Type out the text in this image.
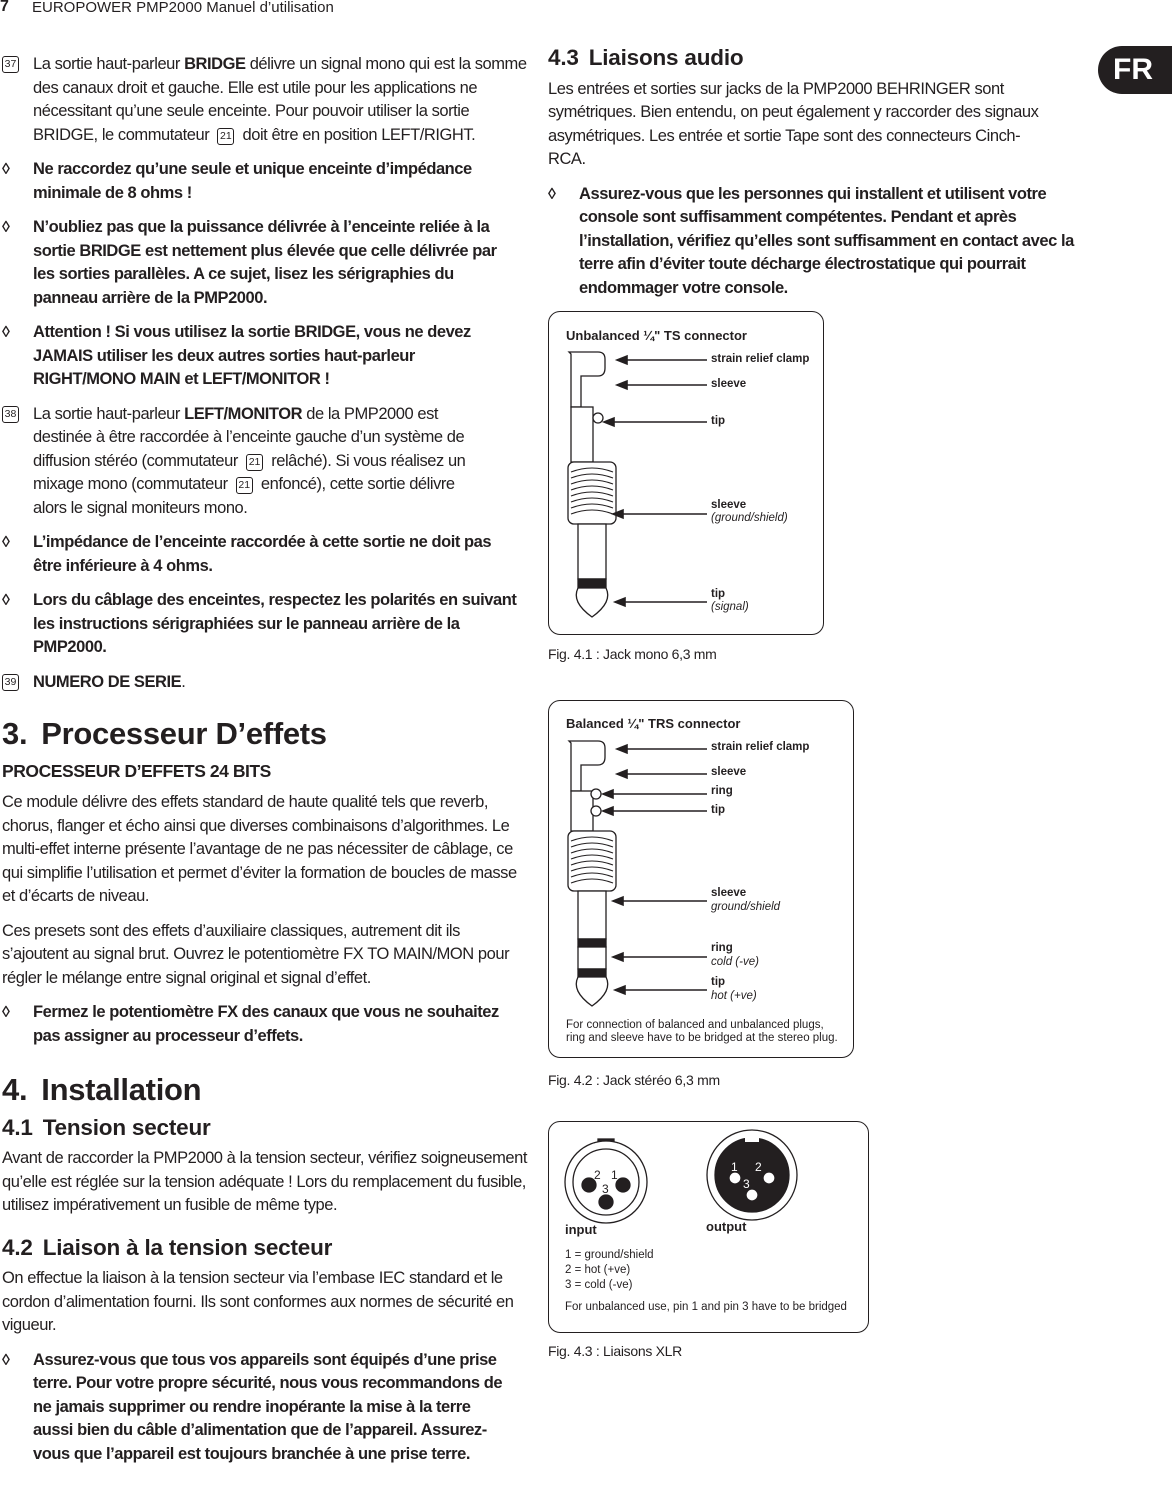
7 EUROPOWER PMP2000 Manuel d’utilisation
FR
37 La sortie haut-parleur BRIDGE délivre un signal mono qui est la somme des canaux droit et gauche. Elle est utile pour les applications ne nécessitant qu’une seule enceinte. Pour pouvoir utiliser la sortie BRIDGE, le commutateur 21 doit être en position LEFT/RIGHT.
◊ Ne raccordez qu’une seule et unique enceinte d’impédance minimale de 8 ohms !
◊ N’oubliez pas que la puissance délivrée à l’enceinte reliée à la sortie BRIDGE est nettement plus élevée que celle délivrée par les sorties parallèles. A ce sujet, lisez les sérigraphies du panneau arrière de la PMP2000.
◊ Attention ! Si vous utilisez la sortie BRIDGE, vous ne devez JAMAIS utiliser les deux autres sorties haut-parleur RIGHT/MONO MAIN et LEFT/MONITOR !
38 La sortie haut-parleur LEFT/MONITOR de la PMP2000 est destinée à être raccordée à l’enceinte gauche d’un système de diffusion stéréo (commutateur 21 relâché). Si vous réalisez un mixage mono (commutateur 21 enfoncé), cette sortie délivre alors le signal moniteurs mono.
◊ L’impédance de l’enceinte raccordée à cette sortie ne doit pas être inférieure à 4 ohms.
◊ Lors du câblage des enceintes, respectez les polarités en suivant les instructions sérigraphiées sur le panneau arrière de la PMP2000.
39 NUMERO DE SERIE.
3. Processeur D’effets
PROCESSEUR D’EFFETS 24 BITS

Ce module délivre des effets standard de haute qualité tels que reverb, chorus, flanger et écho ainsi que diverses combinaisons d’algorithmes. Le multi-effet interne présente l’avantage de ne pas nécessiter de câblage, ce qui simplifie l’utilisation et permet d’éviter la formation de boucles de masse et d’écarts de niveau.

Ces presets sont des effets d’auxiliaire classiques, autrement dit ils s’ajoutent au signal brut. Ouvrez le potentiomètre FX TO MAIN/MON pour régler le mélange entre signal original et signal d’effet.

◊ Fermez le potentiomètre FX des canaux que vous ne souhaitez pas assigner au processeur d’effets.
4. Installation
4.1 Tension secteur

Avant de raccorder la PMP2000 à la tension secteur, vérifiez soigneusement qu’elle est réglée sur la tension adéquate ! Lors du remplacement du fusible, utilisez impérativement un fusible de même type.

4.2 Liaison à la tension secteur

On effectue la liaison à la tension secteur via l’embase IEC standard et le cordon d’alimentation fourni. Ils sont conformes aux normes de sécurité en vigueur.

◊ Assurez-vous que tous vos appareils sont équipés d’une prise terre. Pour votre propre sécurité, nous vous recommandons de ne jamais supprimer ou rendre inopérante la mise à la terre aussi bien du câble d’alimentation que de l’appareil. Assurez-vous que l’appareil est toujours branchée à une prise terre.
4.3 Liaisons audio

Les entrées et sorties sur jacks de la PMP2000 BEHRINGER sont symétriques. Bien entendu, on peut également y raccorder des signaux asymétriques. Les entrée et sortie Tape sont des connecteurs Cinch-RCA.

◊ Assurez-vous que les personnes qui installent et utilisent votre console sont suffisamment compétentes. Pendant et après l’installation, vérifiez qu’elles sont suffisamment en contact avec la terre afin d’éviter toute décharge électrostatique qui pourrait endommager votre console.
Unbalanced ¼" TS connector
strain relief clamp
sleeve
tip
sleeve
(ground/shield)
tip
(signal)
Fig. 4.1 : Jack mono 6,3 mm
Balanced ¼" TRS connector
strain relief clamp
sleeve
ring
tip
sleeve
ground/shield
ring
cold (-ve)
tip
hot (+ve)
For connection of balanced and unbalanced plugs,
ring and sleeve have to be bridged at the stereo plug.
Fig. 4.2 : Jack stéréo 6,3 mm
2 1
3
1 2
3
input	output
1 = ground/shield
2 = hot (+ve)
3 = cold (-ve)
For unbalanced use, pin 1 and pin 3 have to be bridged
Fig. 4.3 : Liaisons XLR
